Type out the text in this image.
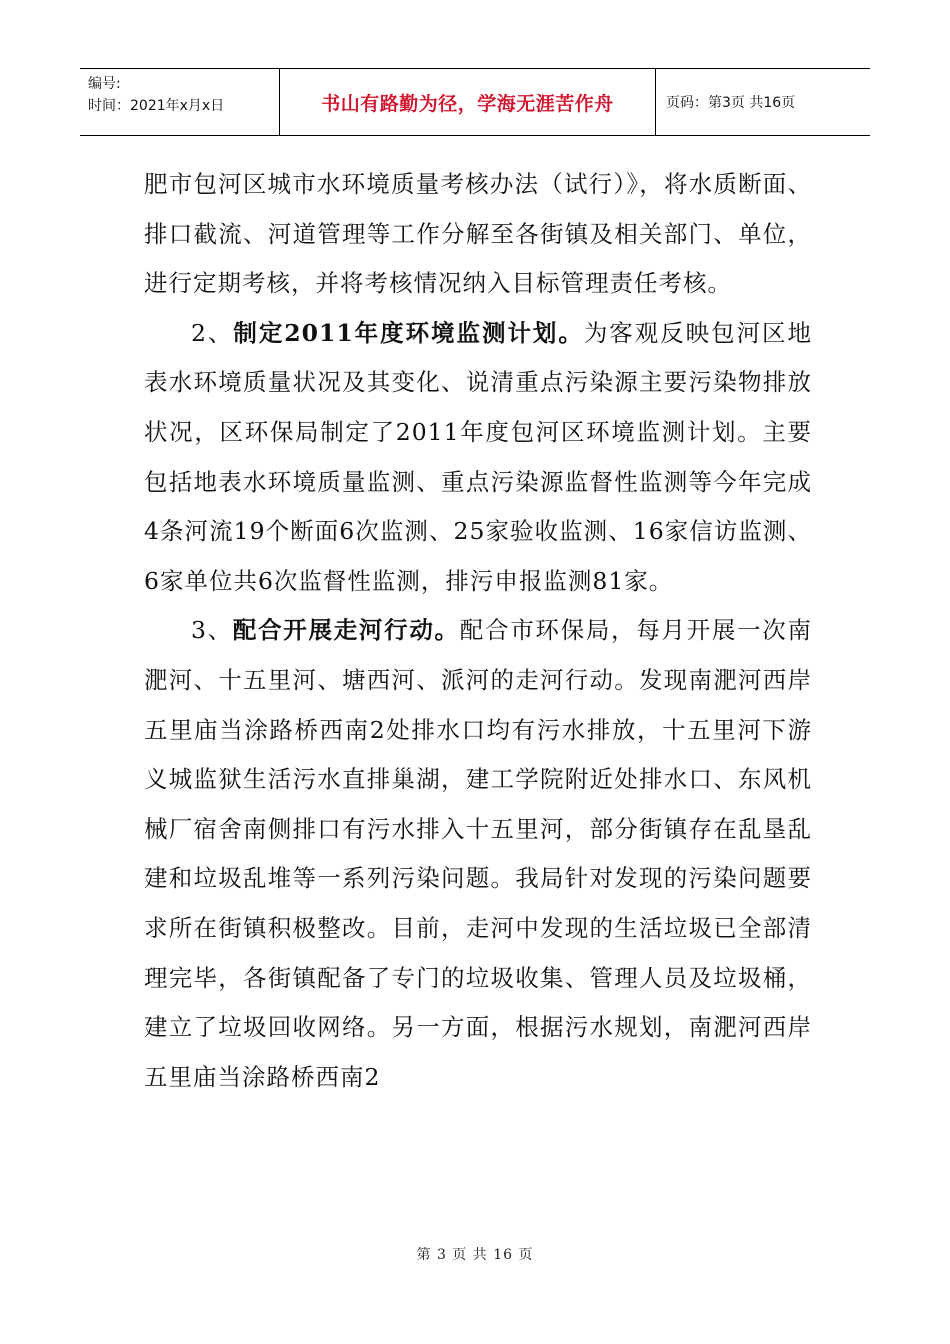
编号:
时间：2021年x月x日	书山有路勤为径，学海无涯苦作舟	页码：第3页 共16页

肥市包河区城市水环境质量考核办法（试行）》，将水质断面、排口截流、河道管理等工作分解至各街镇及相关部门、单位，进行定期考核，并将考核情况纳入目标管理责任考核。

2、制定2011年度环境监测计划。为客观反映包河区地表水环境质量状况及其变化、说清重点污染源主要污染物排放状况，区环保局制定了2011年度包河区环境监测计划。主要包括地表水环境质量监测、重点污染源监督性监测等今年完成4条河流19个断面6次监测、25家验收监测、16家信访监测、6家单位共6次监督性监测，排污申报监测81家。

3、配合开展走河行动。配合市环保局，每月开展一次南淝河、十五里河、塘西河、派河的走河行动。发现南淝河西岸五里庙当涂路桥西南2处排水口均有污水排放，十五里河下游义城监狱生活污水直排巢湖，建工学院附近处排水口、东风机械厂宿舍南侧排口有污水排入十五里河，部分街镇存在乱垦乱建和垃圾乱堆等一系列污染问题。我局针对发现的污染问题要求所在街镇积极整改。目前，走河中发现的生活垃圾已全部清理完毕，各街镇配备了专门的垃圾收集、管理人员及垃圾桶，建立了垃圾回收网络。另一方面，根据污水规划，南淝河西岸五里庙当涂路桥西南2

第 3 页 共 16 页
